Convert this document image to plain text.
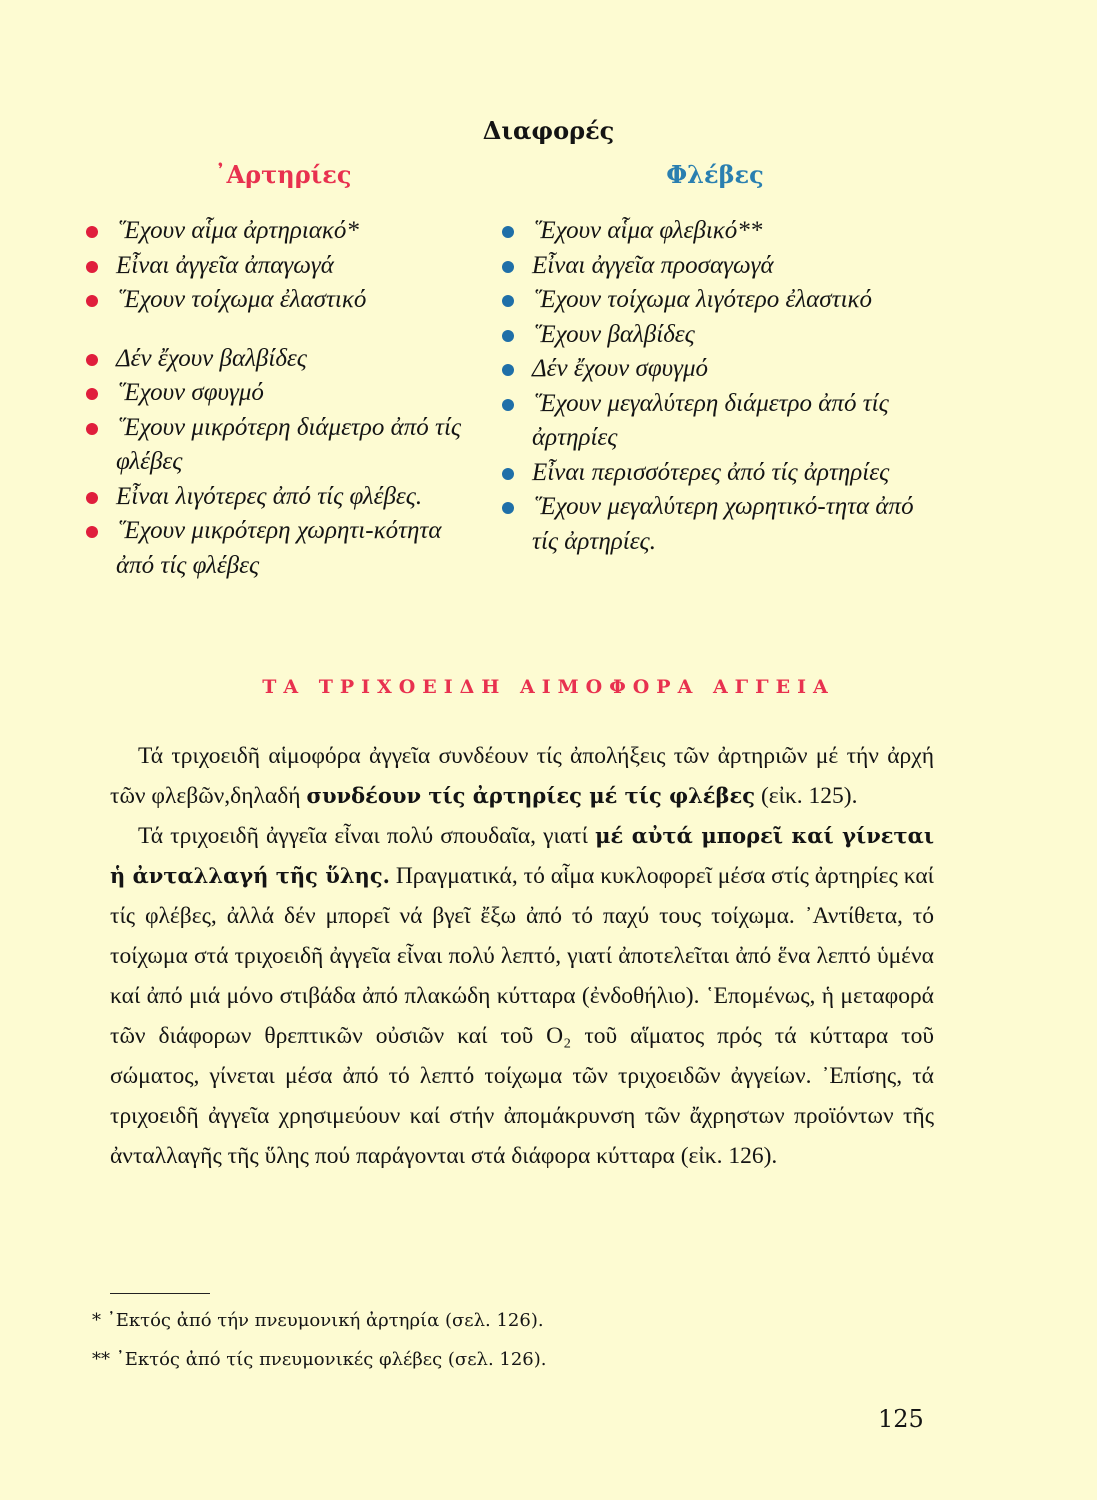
Διαφορές
᾿Αρτηρίες	Φλέβες
῞Εχουν αἷμα ἀρτηριακό*
Εἶναι ἀγγεῖα ἀπαγωγά
῞Εχουν τοίχωμα ἐλαστικό
Δέν ἔχουν βαλβίδες
῞Εχουν σφυγμό
῞Εχουν μικρότερη διάμετρο ἀπό τίς φλέβες
Εἶναι λιγότερες ἀπό τίς φλέβες.
῞Εχουν μικρότερη χωρητι-κότητα ἀπό τίς φλέβες
῞Εχουν αἷμα φλεβικό**
Εἶναι ἀγγεῖα προσαγωγά
῞Εχουν τοίχωμα λιγότερο ἐλαστικό
῞Εχουν βαλβίδες
Δέν ἔχουν σφυγμό
῞Εχουν μεγαλύτερη διάμετρο ἀπό τίς ἀρτηρίες
Εἶναι περισσότερες ἀπό τίς ἀρτηρίες
῞Εχουν μεγαλύτερη χωρητικό-τητα ἀπό τίς ἀρτηρίες.
ΤΑ ΤΡΙΧΟΕΙΔΗ ΑΙΜΟΦΟΡΑ ΑΓΓΕΙΑ

Τά τριχοειδῆ αἱμοφόρα ἀγγεῖα συνδέουν τίς ἀπολήξεις τῶν ἀρτηριῶν μέ τήν ἀρχή τῶν φλεβῶν,δηλαδή συνδέουν τίς ἀρτηρίες μέ τίς φλέβες (εἰκ. 125).

Τά τριχοειδῆ ἀγγεῖα εἶναι πολύ σπουδαῖα, γιατί μέ αὐτά μπορεῖ καί γίνεται ἡ ἀνταλλαγή τῆς ὕλης. Πραγματικά, τό αἷμα κυκλοφορεῖ μέσα στίς ἀρτηρίες καί τίς φλέβες, ἀλλά δέν μπορεῖ νά βγεῖ ἔξω ἀπό τό παχύ τους τοίχωμα. ᾿Αντίθετα, τό τοίχωμα στά τριχοειδῆ ἀγγεῖα εἶναι πολύ λεπτό, γιατί ἀποτελεῖται ἀπό ἕνα λεπτό ὑμένα καί ἀπό μιά μόνο στιβάδα ἀπό πλακώδη κύτταρα (ἐνδοθήλιο). ῾Επομένως, ἡ μεταφορά τῶν διάφορων θρεπτικῶν οὐσιῶν καί τοῦ O₂ τοῦ αἵματος πρός τά κύτταρα τοῦ σώματος, γίνεται μέσα ἀπό τό λεπτό τοίχωμα τῶν τριχοειδῶν ἀγγείων. ᾿Επίσης, τά τριχοειδῆ ἀγγεῖα χρησιμεύουν καί στήν ἀπομάκρυνση τῶν ἄχρηστων προϊόντων τῆς ἀνταλλαγῆς τῆς ὕλης πού παράγονται στά διάφορα κύτταρα (εἰκ. 126).

* ᾿Εκτός ἀπό τήν πνευμονική ἀρτηρία (σελ. 126).
** ᾿Εκτός ἀπό τίς πνευμονικές φλέβες (σελ. 126).
125
